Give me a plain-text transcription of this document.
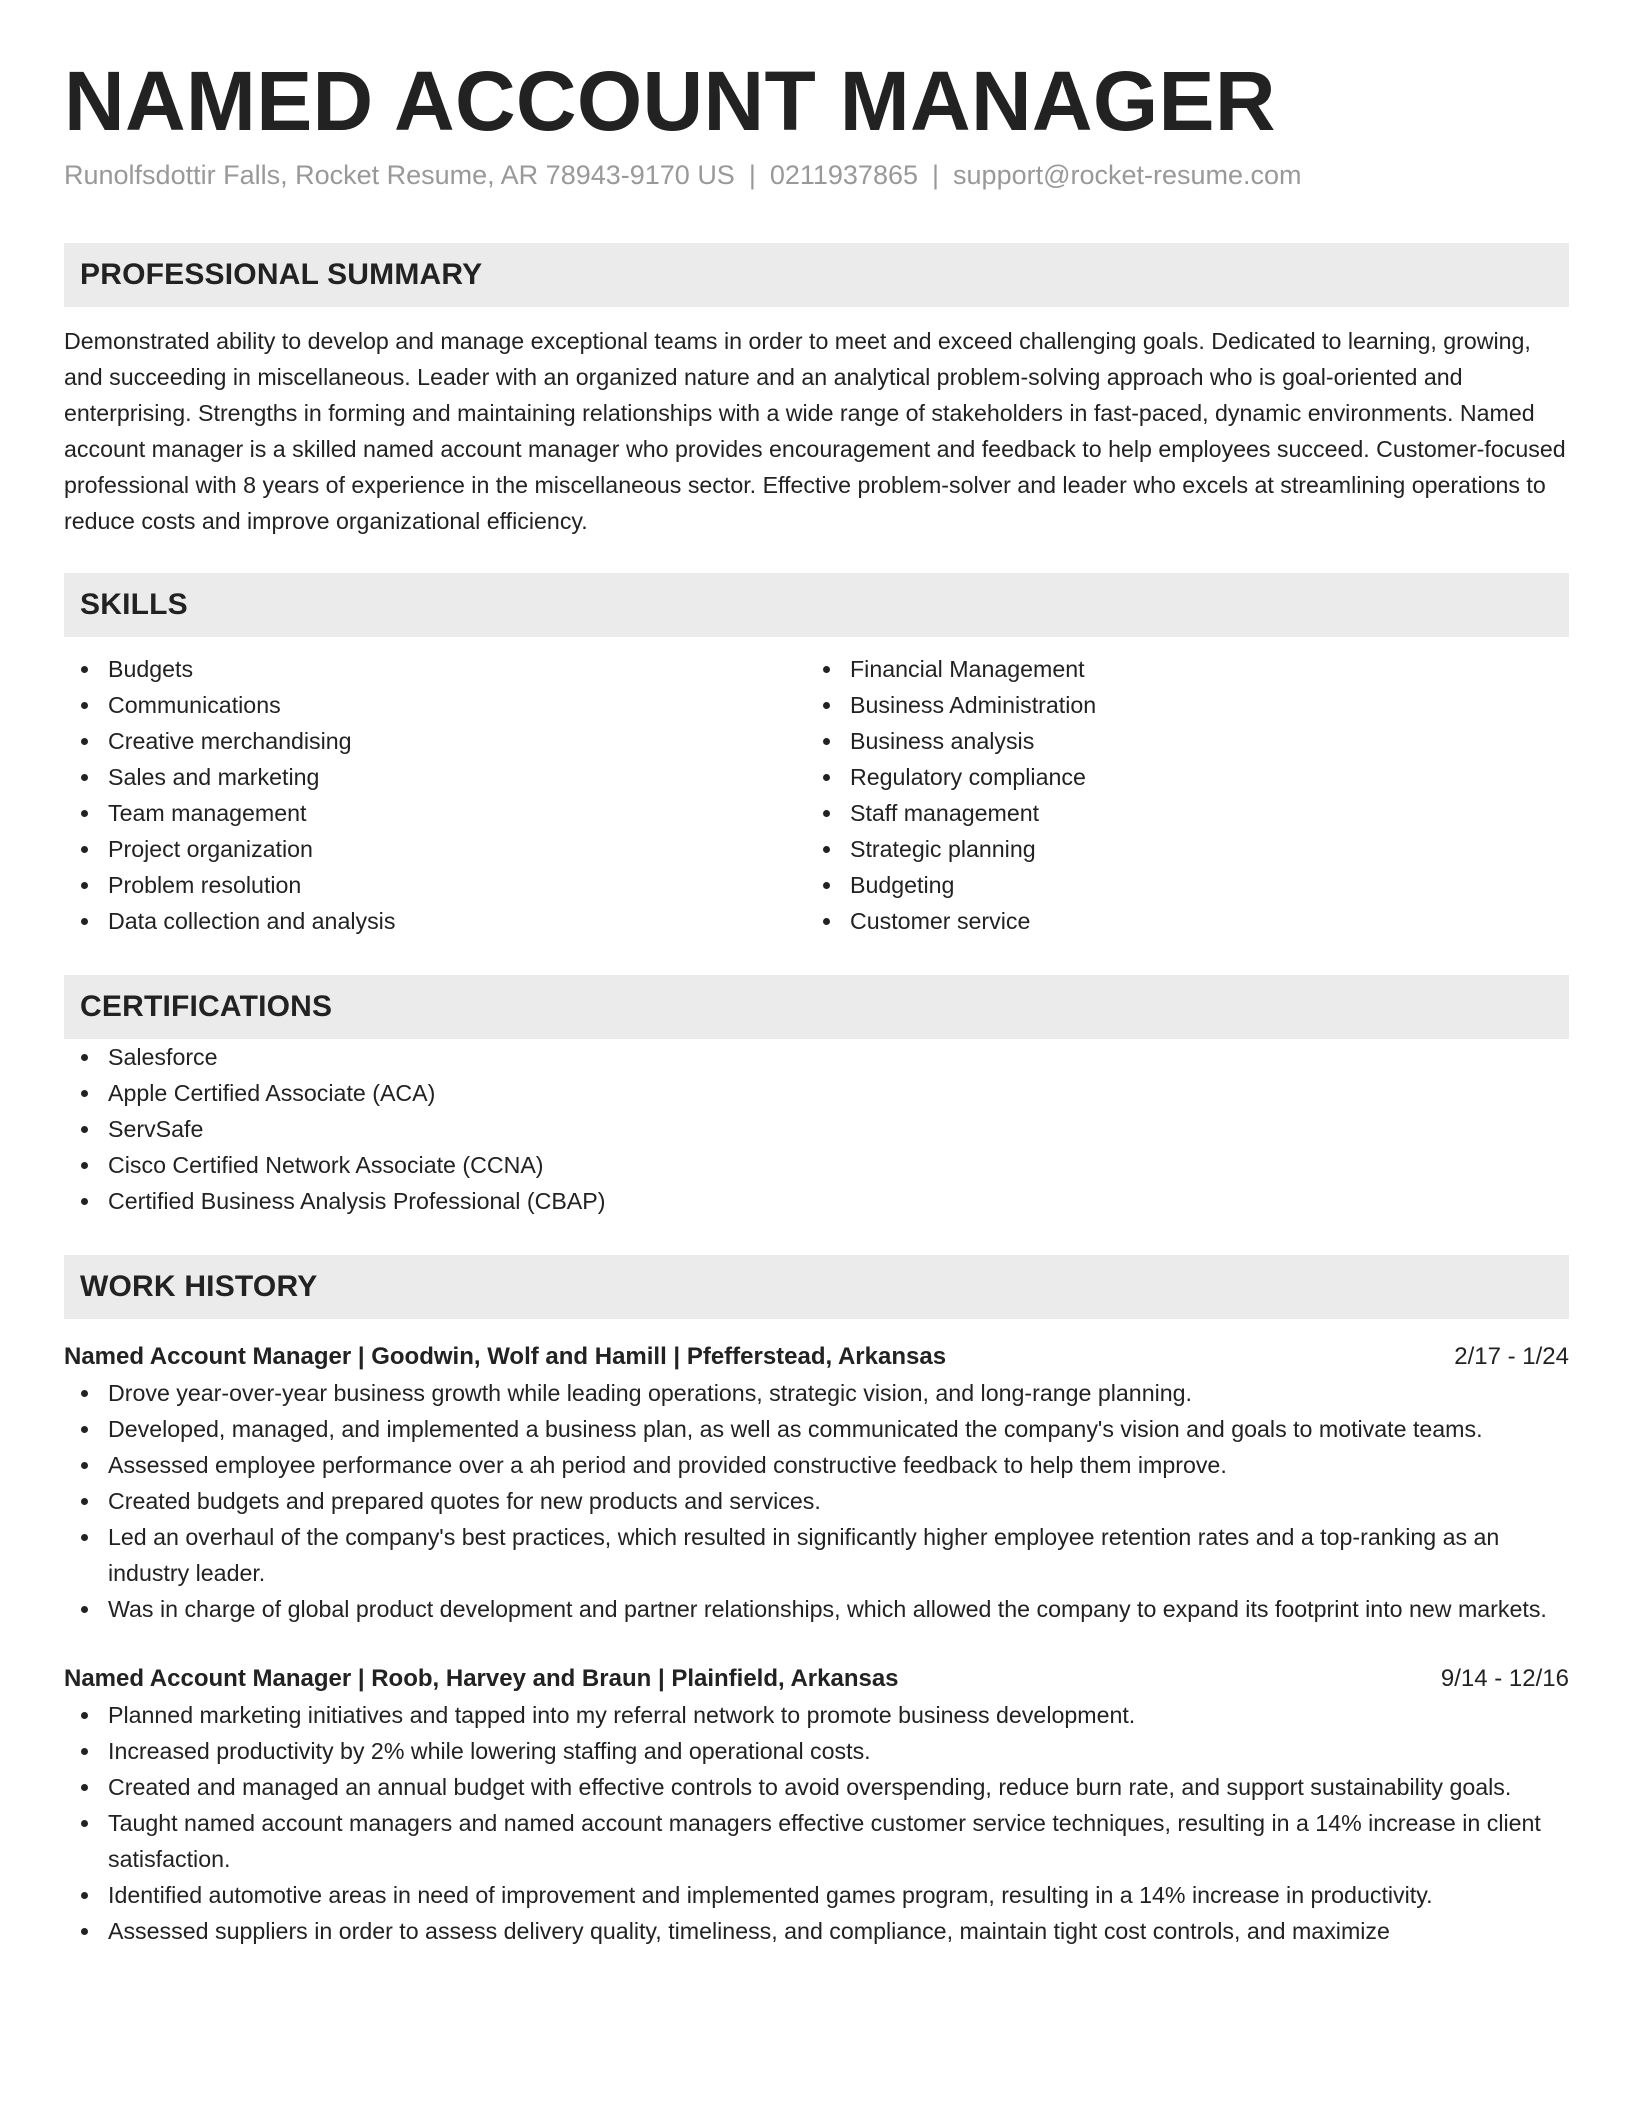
NAMED ACCOUNT MANAGER
Runolfsdottir Falls, Rocket Resume, AR 78943-9170 US | 0211937865 | support@rocket-resume.com
PROFESSIONAL SUMMARY

Demonstrated ability to develop and manage exceptional teams in order to meet and exceed challenging goals. Dedicated to learning, growing, and succeeding in miscellaneous. Leader with an organized nature and an analytical problem-solving approach who is goal-oriented and enterprising. Strengths in forming and maintaining relationships with a wide range of stakeholders in fast-paced, dynamic environments. Named account manager is a skilled named account manager who provides encouragement and feedback to help employees succeed. Customer-focused professional with 8 years of experience in the miscellaneous sector. Effective problem-solver and leader who excels at streamlining operations to reduce costs and improve organizational efficiency.

SKILLS
Budgets
Communications
Creative merchandising
Sales and marketing
Team management
Project organization
Problem resolution
Data collection and analysis
Financial Management
Business Administration
Business analysis
Regulatory compliance
Staff management
Strategic planning
Budgeting
Customer service
CERTIFICATIONS
Salesforce
Apple Certified Associate (ACA)
ServSafe
Cisco Certified Network Associate (CCNA)
Certified Business Analysis Professional (CBAP)
WORK HISTORY
Named Account Manager | Goodwin, Wolf and Hamill | Pfefferstead, Arkansas	2/17 - 1/24
Drove year-over-year business growth while leading operations, strategic vision, and long-range planning.
Developed, managed, and implemented a business plan, as well as communicated the company's vision and goals to motivate teams.
Assessed employee performance over a ah period and provided constructive feedback to help them improve.
Created budgets and prepared quotes for new products and services.
Led an overhaul of the company's best practices, which resulted in significantly higher employee retention rates and a top-ranking as an industry leader.
Was in charge of global product development and partner relationships, which allowed the company to expand its footprint into new markets.
Named Account Manager | Roob, Harvey and Braun | Plainfield, Arkansas	9/14 - 12/16
Planned marketing initiatives and tapped into my referral network to promote business development.
Increased productivity by 2% while lowering staffing and operational costs.
Created and managed an annual budget with effective controls to avoid overspending, reduce burn rate, and support sustainability goals.
Taught named account managers and named account managers effective customer service techniques, resulting in a 14% increase in client satisfaction.
Identified automotive areas in need of improvement and implemented games program, resulting in a 14% increase in productivity.
Assessed suppliers in order to assess delivery quality, timeliness, and compliance, maintain tight cost controls, and maximize
